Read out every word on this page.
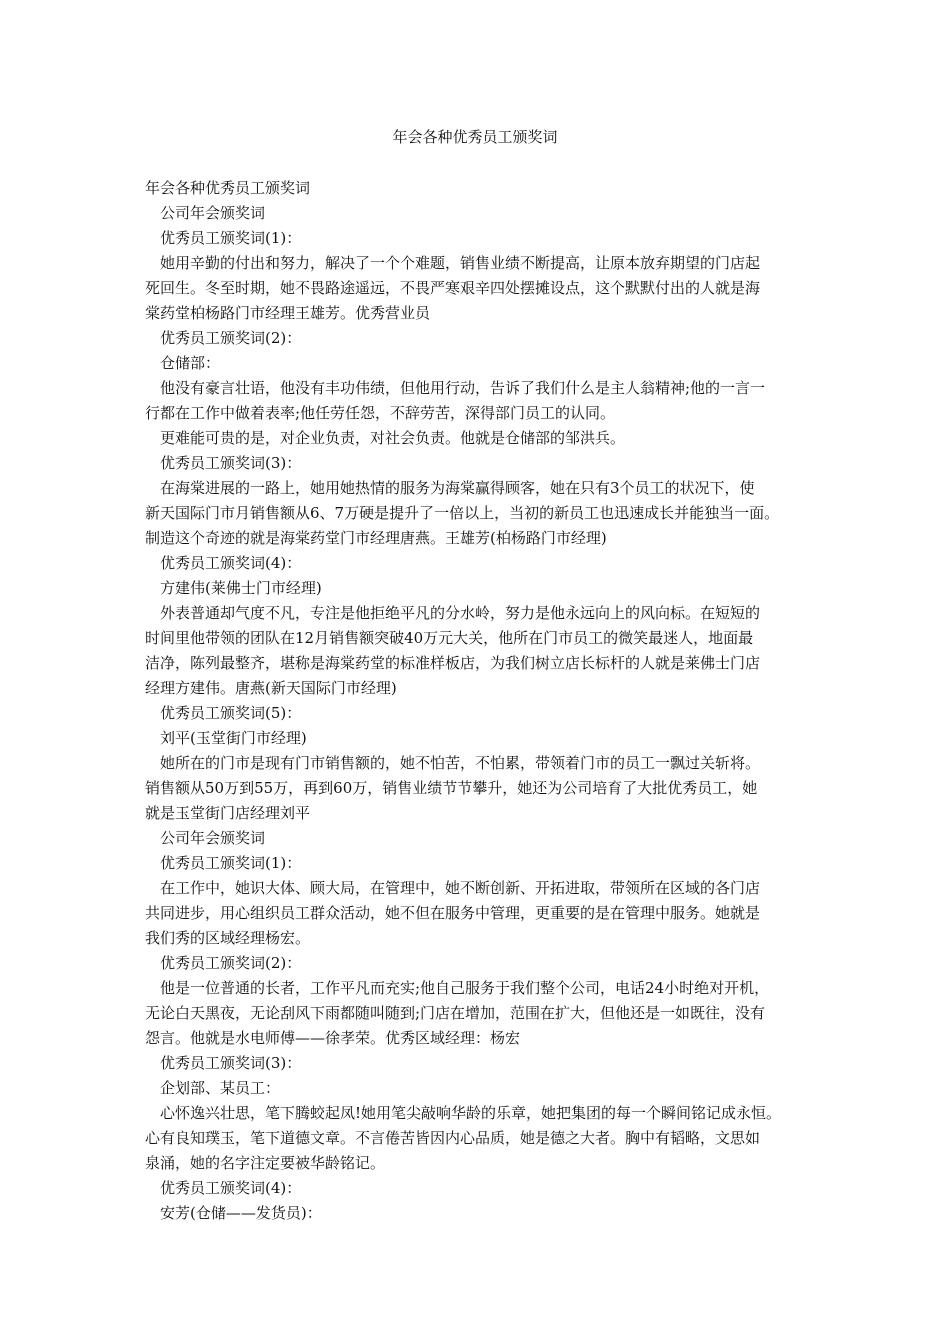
年会各种优秀员工颁奖词
年会各种优秀员工颁奖词
公司年会颁奖词
优秀员工颁奖词(1)：
她用辛勤的付出和努力，解决了一个个难题，销售业绩不断提高，让原本放弃期望的门店起
死回生。冬至时期，她不畏路途遥远，不畏严寒艰辛四处摆摊设点，这个默默付出的人就是海
棠药堂柏杨路门市经理王雄芳。优秀营业员
优秀员工颁奖词(2)：
仓储部：
他没有豪言壮语，他没有丰功伟绩，但他用行动，告诉了我们什么是主人翁精神;他的一言一
行都在工作中做着表率;他任劳任怨，不辞劳苦，深得部门员工的认同。
更难能可贵的是，对企业负责，对社会负责。他就是仓储部的邹洪兵。
优秀员工颁奖词(3)：
在海棠进展的一路上，她用她热情的服务为海棠赢得顾客，她在只有3个员工的状况下，使
新天国际门市月销售额从6、7万硬是提升了一倍以上，当初的新员工也迅速成长并能独当一面。
制造这个奇迹的就是海棠药堂门市经理唐燕。王雄芳(柏杨路门市经理)
优秀员工颁奖词(4)：
方建伟(莱佛士门市经理)
外表普通却气度不凡，专注是他拒绝平凡的分水岭，努力是他永远向上的风向标。在短短的
时间里他带领的团队在12月销售额突破40万元大关，他所在门市员工的微笑最迷人，地面最
洁净，陈列最整齐，堪称是海棠药堂的标准样板店，为我们树立店长标杆的人就是莱佛士门店
经理方建伟。唐燕(新天国际门市经理)
优秀员工颁奖词(5)：
刘平(玉堂街门市经理)
她所在的门市是现有门市销售额的，她不怕苦，不怕累，带领着门市的员工一飘过关斩将。
销售额从50万到55万，再到60万，销售业绩节节攀升，她还为公司培育了大批优秀员工，她
就是玉堂街门店经理刘平
公司年会颁奖词
优秀员工颁奖词(1)：
在工作中，她识大体、顾大局，在管理中，她不断创新、开拓进取，带领所在区域的各门店
共同进步，用心组织员工群众活动，她不但在服务中管理，更重要的是在管理中服务。她就是
我们秀的区域经理杨宏。
优秀员工颁奖词(2)：
他是一位普通的长者，工作平凡而充实;他自己服务于我们整个公司，电话24小时绝对开机，
无论白天黑夜，无论刮风下雨都随叫随到;门店在增加，范围在扩大，但他还是一如既往，没有
怨言。他就是水电师傅——徐孝荣。优秀区域经理：杨宏
优秀员工颁奖词(3)：
企划部、某员工：
心怀逸兴壮思，笔下腾蛟起凤!她用笔尖敲响华龄的乐章，她把集团的每一个瞬间铭记成永恒。
心有良知璞玉，笔下道德文章。不言倦苦皆因内心品质，她是德之大者。胸中有韬略，文思如
泉涌，她的名字注定要被华龄铭记。
优秀员工颁奖词(4)：
安芳(仓储——发货员)：
